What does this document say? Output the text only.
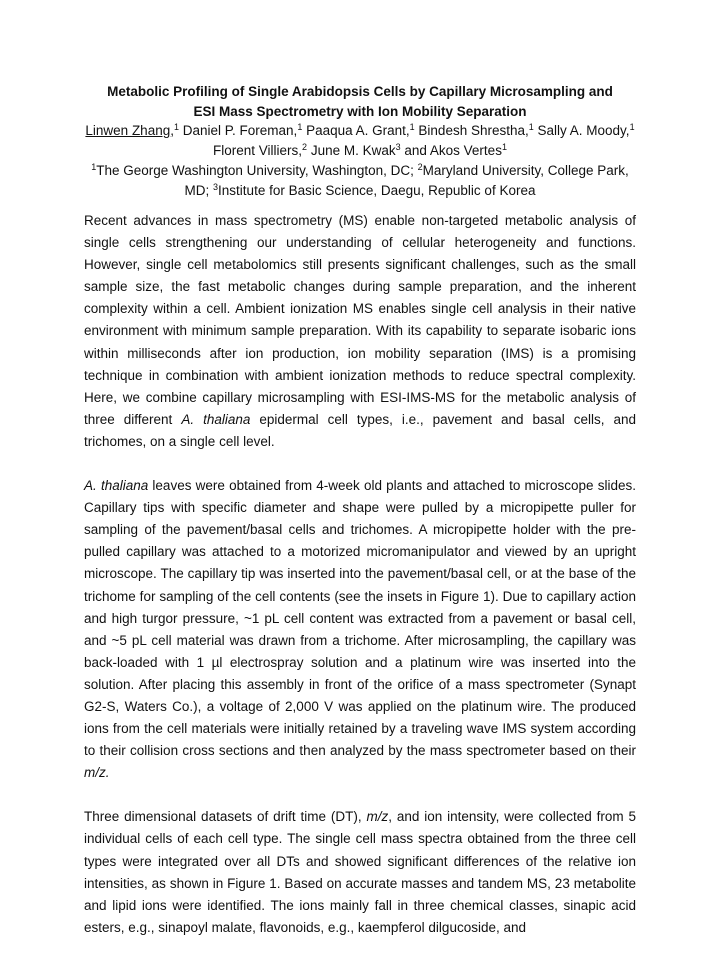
Metabolic Profiling of Single Arabidopsis Cells by Capillary Microsampling and
ESI Mass Spectrometry with Ion Mobility Separation

Linwen Zhang,$^1$ Daniel P. Foreman,$^1$ Paaqua A. Grant,$^1$ Bindesh Shrestha,$^1$ Sally A. Moody,$^1$ Florent Villiers,$^2$ June M. Kwak$^3$ and Akos Vertes$^1$

$^1$The George Washington University, Washington, DC; $^2$Maryland University, College Park, MD; $^3$Institute for Basic Science, Daegu, Republic of Korea

Recent advances in mass spectrometry (MS) enable non-targeted metabolic analysis of single cells strengthening our understanding of cellular heterogeneity and functions. However, single cell metabolomics still presents significant challenges, such as the small sample size, the fast metabolic changes during sample preparation, and the inherent complexity within a cell. Ambient ionization MS enables single cell analysis in their native environment with minimum sample preparation. With its capability to separate isobaric ions within milliseconds after ion production, ion mobility separation (IMS) is a promising technique in combination with ambient ionization methods to reduce spectral complexity. Here, we combine capillary microsampling with ESI-IMS-MS for the metabolic analysis of three different A. thaliana epidermal cell types, i.e., pavement and basal cells, and trichomes, on a single cell level.

A. thaliana leaves were obtained from 4-week old plants and attached to microscope slides. Capillary tips with specific diameter and shape were pulled by a micropipette puller for sampling of the pavement/basal cells and trichomes. A micropipette holder with the pre-pulled capillary was attached to a motorized micromanipulator and viewed by an upright microscope. The capillary tip was inserted into the pavement/basal cell, or at the base of the trichome for sampling of the cell contents (see the insets in Figure 1). Due to capillary action and high turgor pressure, ~1 pL cell content was extracted from a pavement or basal cell, and ~5 pL cell material was drawn from a trichome. After microsampling, the capillary was back-loaded with 1 µl electrospray solution and a platinum wire was inserted into the solution. After placing this assembly in front of the orifice of a mass spectrometer (Synapt G2-S, Waters Co.), a voltage of 2,000 V was applied on the platinum wire. The produced ions from the cell materials were initially retained by a traveling wave IMS system according to their collision cross sections and then analyzed by the mass spectrometer based on their m/z.

Three dimensional datasets of drift time (DT), m/z, and ion intensity, were collected from 5 individual cells of each cell type. The single cell mass spectra obtained from the three cell types were integrated over all DTs and showed significant differences of the relative ion intensities, as shown in Figure 1. Based on accurate masses and tandem MS, 23 metabolite and lipid ions were identified. The ions mainly fall in three chemical classes, sinapic acid esters, e.g., sinapoyl malate, flavonoids, e.g., kaempferol dilgucoside, and
